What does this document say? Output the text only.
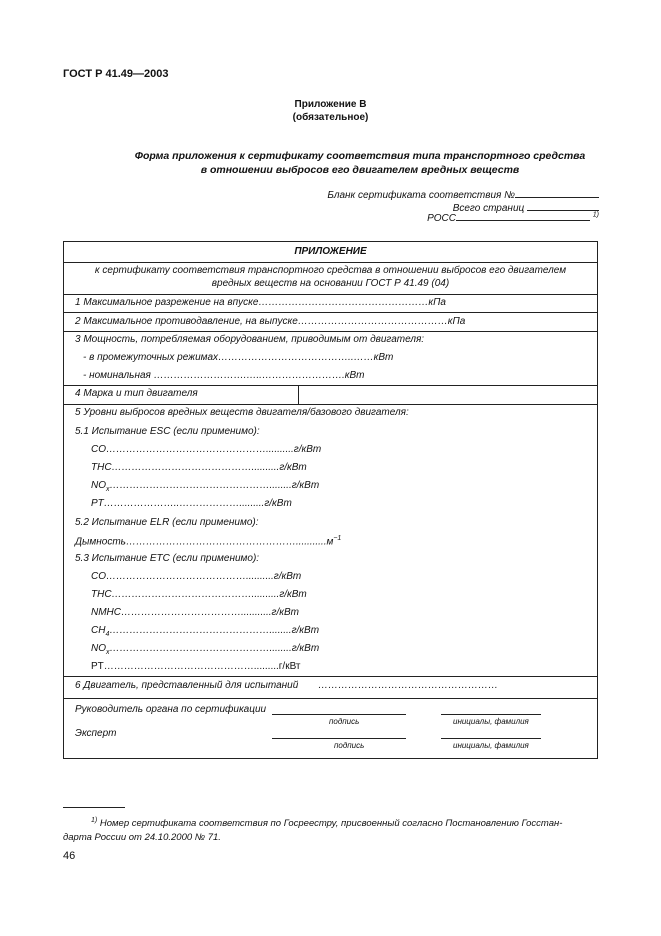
ГОСТ Р 41.49—2003
Приложение В
(обязательное)
Форма приложения к сертификату соответствия типа транспортного средства
в отношении выбросов его двигателем вредных веществ
Бланк сертификата соответствия №
Всего страниц
РОСС	$^{1)}$
ПРИЛОЖЕНИЕ
к сертификату соответствия транспортного средства в отношении выбросов его двигателем
вредных веществ на основании ГОСТ Р 41.49 (04)
1 Максимальное разрежение на впуске……………………………………………кПа
2 Максимальное противодавление, на выпуске………………………………………кПа
3 Мощность, потребляемая оборудованием, приводимым от двигателя:
- в промежуточных режимах…………………………………..……кВт
- номинальная ……………………….…..…………………….кВт
4 Марка и тип двигателя
5 Уровни выбросов вредных веществ двигателя/базового двигателя:
5.1 Испытание ESC (если применимо):
CO…………………………………………..........г/кВт
THC……………………………………..........г/кВт
$NO_x\dots\dots\dots\dots\dots\dots\dots\dots\dots\dots\dots\dots\dots\dots\dots\dots........г$/кВт
PT…………………..……………….........г/кВт
5.2 Испытание ELR (если применимо):
$Дымность\dots\dots\dots\dots\dots\dots\dots\dots\dots\dots\dots\dots\dots\dots\dots\dots\dots...........м^{-1}$
5.3 Испытание ETC (если применимо):
CO……………………………………..........г/кВт
THC……………………………………..........г/кВт
NMHC………………………………...........г/кВт
$CH_4\dots\dots\dots\dots\dots\dots\dots\dots\dots\dots\dots\dots\dots\dots\dots\dots........г$/кВт
$NO_x\dots\dots\dots\dots\dots\dots\dots\dots\dots\dots\dots\dots\dots\dots\dots\dots........г$/кВт
PT……………………………………….........г/кВт
6 Двигатель, представленный для испытаний ………………………………………………
Руководитель органа по сертификации
подпись	инициалы, фамилия
Эксперт
подпись	инициалы, фамилия
$^{1)}$ Номер сертификата соответствия по Госреестру, присвоенный согласно Постановлению Госстан-
дарта России от 24.10.2000 № 71.
46
